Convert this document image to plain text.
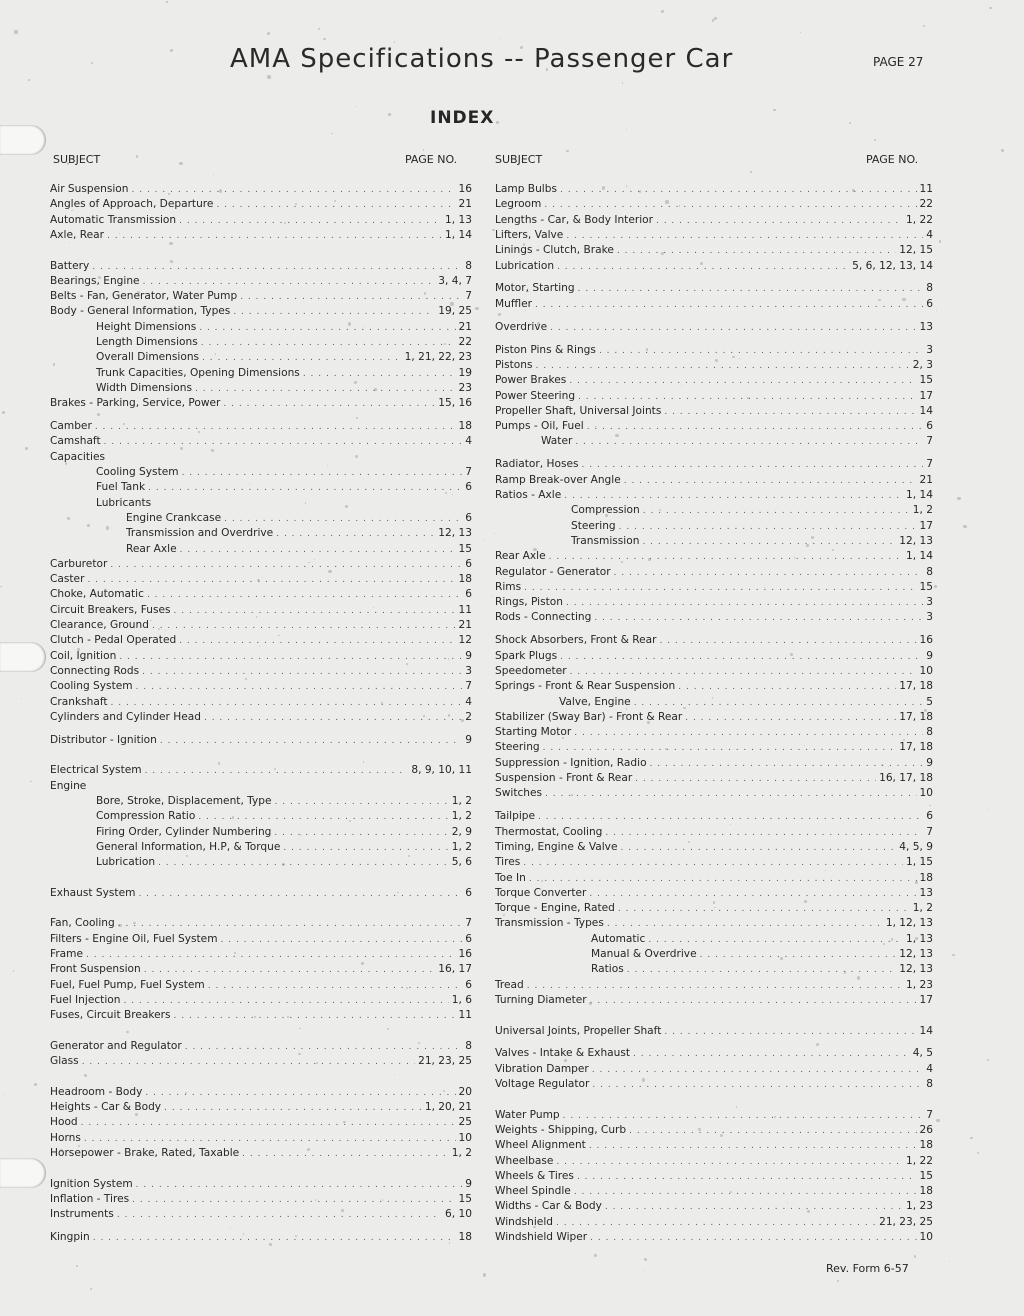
AMA Specifications -- Passenger Car	PAGE 27
INDEX
SUBJECT	PAGE NO.	SUBJECT	PAGE NO.
Air Suspension . . .	16
Angles of Approach, Departure . . .	21
Automatic Transmission . . .	1, 13
Axle, Rear . . .	1, 14
Battery . . .	8
Bearings, Engine . . .	3, 4, 7
Belts - Fan, Generator, Water Pump . . .	7
Body - General Information, Types . . .	19, 25
Height Dimensions . . .	21
Length Dimensions . . .	22
Overall Dimensions . . .	1, 21, 22, 23
Trunk Capacities, Opening Dimensions . . .	19
Width Dimensions . . .	23
Brakes - Parking, Service, Power . . .	15, 16
Camber . . .	18
Camshaft . . .	4
Capacities
Cooling System . . .	7
Fuel Tank . . .	6
Lubricants
Engine Crankcase . . .	6
Transmission and Overdrive . . .	12, 13
Rear Axle . . .	15
Carburetor . . .	6
Caster . . .	18
Choke, Automatic . . .	6
Circuit Breakers, Fuses . . .	11
Clearance, Ground . . .	21
Clutch - Pedal Operated . . .	12
Coil, Ignition . . .	9
Connecting Rods . . .	3
Cooling System . . .	7
Crankshaft . . .	4
Cylinders and Cylinder Head . . .	2
Distributor - Ignition . . .	9
Electrical System . . .	8, 9, 10, 11
Engine
Bore, Stroke, Displacement, Type . . .	1, 2
Compression Ratio . . .	1, 2
Firing Order, Cylinder Numbering . . .	2, 9
General Information, H.P, & Torque . . .	1, 2
Lubrication . . .	5, 6
Exhaust System . . .	6
Fan, Cooling . . .	7
Filters - Engine Oil, Fuel System . . .	6
Frame . . .	16
Front Suspension . . .	16, 17
Fuel, Fuel Pump, Fuel System . . .	6
Fuel Injection . . .	1, 6
Fuses, Circuit Breakers . . .	11
Generator and Regulator . . .	8
Glass . . .	21, 23, 25
Headroom - Body . . .	20
Heights - Car & Body . . .	1, 20, 21
Hood . . .	25
Horns . . .	10
Horsepower - Brake, Rated, Taxable . . .	1, 2
Ignition System . . .	9
Inflation - Tires . . .	15
Instruments . . .	6, 10
Kingpin . . .	18
Lamp Bulbs . . .	11
Legroom . . .	22
Lengths - Car, & Body Interior . . .	1, 22
Lifters, Valve . . .	4
Linings - Clutch, Brake . . .	12, 15
Lubrication . . .	5, 6, 12, 13, 14
Motor, Starting . . .	8
Muffler . . .	6
Overdrive . . .	13
Piston Pins & Rings . . .	3
Pistons . . .	2, 3
Power Brakes . . .	15
Power Steering . . .	17
Propeller Shaft, Universal Joints . . .	14
Pumps - Oil, Fuel . . .	6
Water . . .	7
Radiator, Hoses . . .	7
Ramp Break-over Angle . . .	21
Ratios - Axle . . .	1, 14
Compression . . .	1, 2
Steering . . .	17
Transmission . . .	12, 13
Rear Axle . . .	1, 14
Regulator - Generator . . .	8
Rims . . .	15
Rings, Piston . . .	3
Rods - Connecting . . .	3
Shock Absorbers, Front & Rear . . .	16
Spark Plugs . . .	9
Speedometer . . .	10
Springs - Front & Rear Suspension . . .	17, 18
Valve, Engine . . .	5
Stabilizer (Sway Bar) - Front & Rear . . .	17, 18
Starting Motor . . .	8
Steering . . .	17, 18
Suppression - Ignition, Radio . . .	9
Suspension - Front & Rear . . .	16, 17, 18
Switches . . .	10
Tailpipe . . .	6
Thermostat, Cooling . . .	7
Timing, Engine & Valve . . .	4, 5, 9
Tires . . .	1, 15
Toe In . . .	18
Torque Converter . . .	13
Torque - Engine, Rated . . .	1, 2
Transmission - Types . . .	1, 12, 13
Automatic . . .	1, 13
Manual & Overdrive . . .	12, 13
Ratios . . .	12, 13
Tread . . .	1, 23
Turning Diameter . . .	17
Universal Joints, Propeller Shaft . . .	14
Valves - Intake & Exhaust . . .	4, 5
Vibration Damper . . .	4
Voltage Regulator . . .	8
Water Pump . . .	7
Weights - Shipping, Curb . . .	26
Wheel Alignment . . .	18
Wheelbase . . .	1, 22
Wheels & Tires . . .	15
Wheel Spindle . . .	18
Widths - Car & Body . . .	1, 23
Windshield . . .	21, 23, 25
Windshield Wiper . . .	10
Rev. Form 6-57
